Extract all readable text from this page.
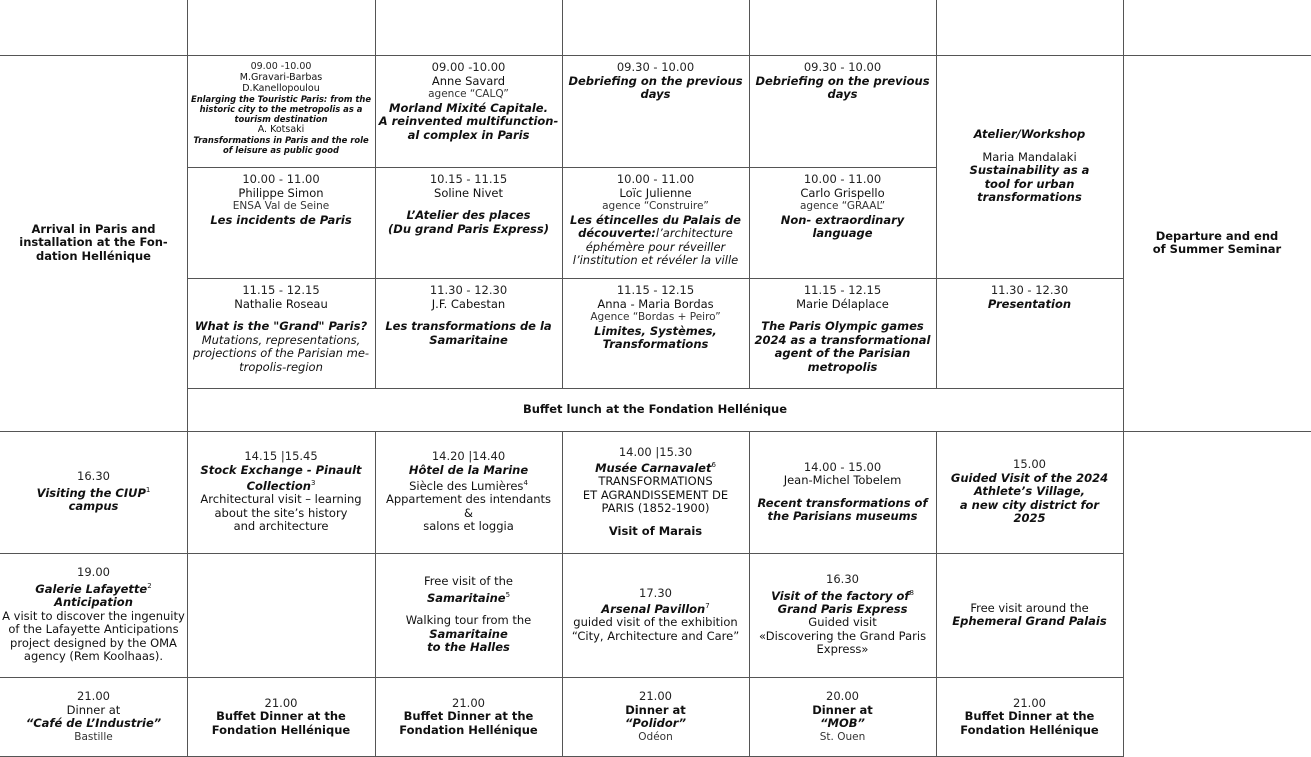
Arrival in Paris and
installation at the Fon-
dation Hellénique
09.00 -10.00
M.Gravari-Barbas
D.Kanellopoulou
Enlarging the Touristic Paris: from the historic city to the metropolis as a tourism destination
A. Kotsaki
Transformations in Paris and the role of leisure as public good
09.00 -10.00
Anne Savard
agence “CALQ”
Morland Mixité Capitale.
A reinvented multifunction-
al complex in Paris
09.30 - 10.00
Debriefing on the previous
days
09.30 - 10.00
Debriefing on the previous
days
Atelier/Workshop
Maria Mandalaki
Sustainability as a
tool for urban
transformations
Departure and end
of Summer Seminar
10.00 - 11.00
Philippe Simon
ENSA Val de Seine
Les incidents de Paris
10.15 - 11.15
Soline Nivet
L’Atelier des places
(Du grand Paris Express)
10.00 - 11.00
Loïc Julienne
agence “Construire”
Les étincelles du Palais de
découverte:l’architecture
éphémère pour réveiller
l’institution et révéler la ville
10.00 - 11.00
Carlo Grispello
agence “GRAAL”
Non- extraordinary
language
11.15 - 12.15
Nathalie Roseau
What is the "Grand" Paris?
Mutations, representations, projections of the Parisian me-tropolis-region
11.30 - 12.30
J.F. Cabestan
Les transformations de la
Samaritaine
11.15 - 12.15
Anna - Maria Bordas
Agence “Bordas + Peiro”
Limites, Systèmes,
Transformations
11.15 - 12.15
Marie Délaplace
The Paris Olympic games
2024 as a transformational
agent of the Parisian
metropolis
11.30 - 12.30
Presentation
Buffet lunch at the Fondation Hellénique
16.30
Visiting the CIUP$^1$
campus
14.15 |15.45
Stock Exchange - Pinault
Collection$^3$
Architectural visit – learning
about the site’s history
and architecture
14.20 |14.40
Hôtel de la Marine
Siècle des Lumières$^4$
Appartement des intendants
&
salons et loggia
14.00 |15.30
Musée Carnavalet$^6$
TRANSFORMATIONS
ET AGRANDISSEMENT DE
PARIS (1852-1900)
Visit of Marais
14.00 - 15.00
Jean-Michel Tobelem
Recent transformations of
the Parisians museums
15.00
Guided Visit of the 2024
Athlete’s Village,
a new city district for
2025
19.00
Galerie Lafayette$^2$
Anticipation
A visit to discover the ingenuity of the Lafayette Anticipations project designed by the OMA agency (Rem Koolhaas).
Free visit of the
Samaritaine$^5$
Walking tour from the
Samaritaine
to the Halles
17.30
Arsenal Pavillon$^7$
guided visit of the exhibition
“City, Architecture and Care”
16.30
Visit of the factory $of^8$
Grand Paris Express
Guided visit
«Discovering the Grand Paris Express»
Free visit around the
Ephemeral Grand Palais
21.00
Dinner at
“Café de L’Industrie”
Bastille
21.00
Buffet Dinner at the
Fondation Hellénique
21.00
Buffet Dinner at the
Fondation Hellénique
21.00
Dinner at
“Polidor”
Odéon
20.00
Dinner at
“MOB”
St. Ouen
21.00
Buffet Dinner at the
Fondation Hellénique
